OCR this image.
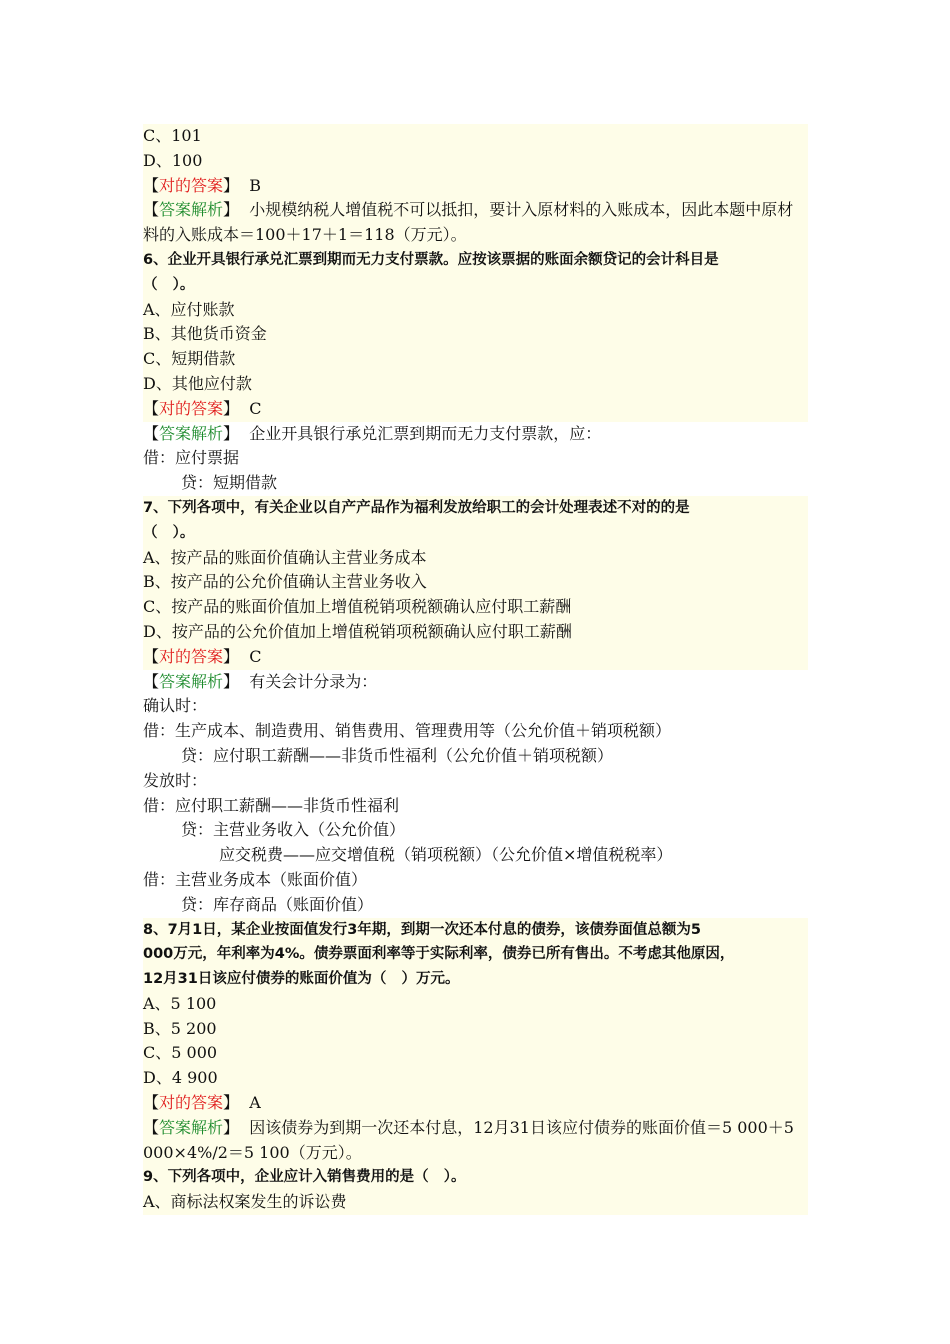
C、101
D、100
【对的答案】 B
【答案解析】 小规模纳税人增值税不可以抵扣，要计入原材料的入账成本，因此本题中原材料的入账成本＝100＋17＋1＝118（万元）。
6、企业开具银行承兑汇票到期而无力支付票款。应按该票据的账面余额贷记的会计科目是
（   ）。
A、应付账款
B、其他货币资金
C、短期借款
D、其他应付款
【对的答案】 C
【答案解析】 企业开具银行承兑汇票到期而无力支付票款，应：
借：应付票据
贷：短期借款
7、下列各项中，有关企业以自产产品作为福利发放给职工的会计处理表述不对的的是
（   ）。
A、按产品的账面价值确认主营业务成本
B、按产品的公允价值确认主营业务收入
C、按产品的账面价值加上增值税销项税额确认应付职工薪酬
D、按产品的公允价值加上增值税销项税额确认应付职工薪酬
【对的答案】 C
【答案解析】 有关会计分录为：
确认时：
借：生产成本、制造费用、销售费用、管理费用等（公允价值＋销项税额）
贷：应付职工薪酬——非货币性福利（公允价值＋销项税额）
发放时：
借：应付职工薪酬——非货币性福利
贷：主营业务收入（公允价值）
应交税费——应交增值税（销项税额）（公允价值×增值税税率）
借：主营业务成本（账面价值）
贷：库存商品（账面价值）
8、7月1日，某企业按面值发行3年期，到期一次还本付息的债券，该债券面值总额为5
000万元，年利率为4%。债券票面利率等于实际利率，债券已所有售出。不考虑其他原因，
12月31日该应付债券的账面价值为（   ）万元。
A、5 100
B、5 200
C、5 000
D、4 900
【对的答案】 A
【答案解析】 因该债券为到期一次还本付息，12月31日该应付债券的账面价值＝5 000＋5 000×4%/2＝5 100（万元）。
9、下列各项中，企业应计入销售费用的是（   ）。
A、商标法权案发生的诉讼费
